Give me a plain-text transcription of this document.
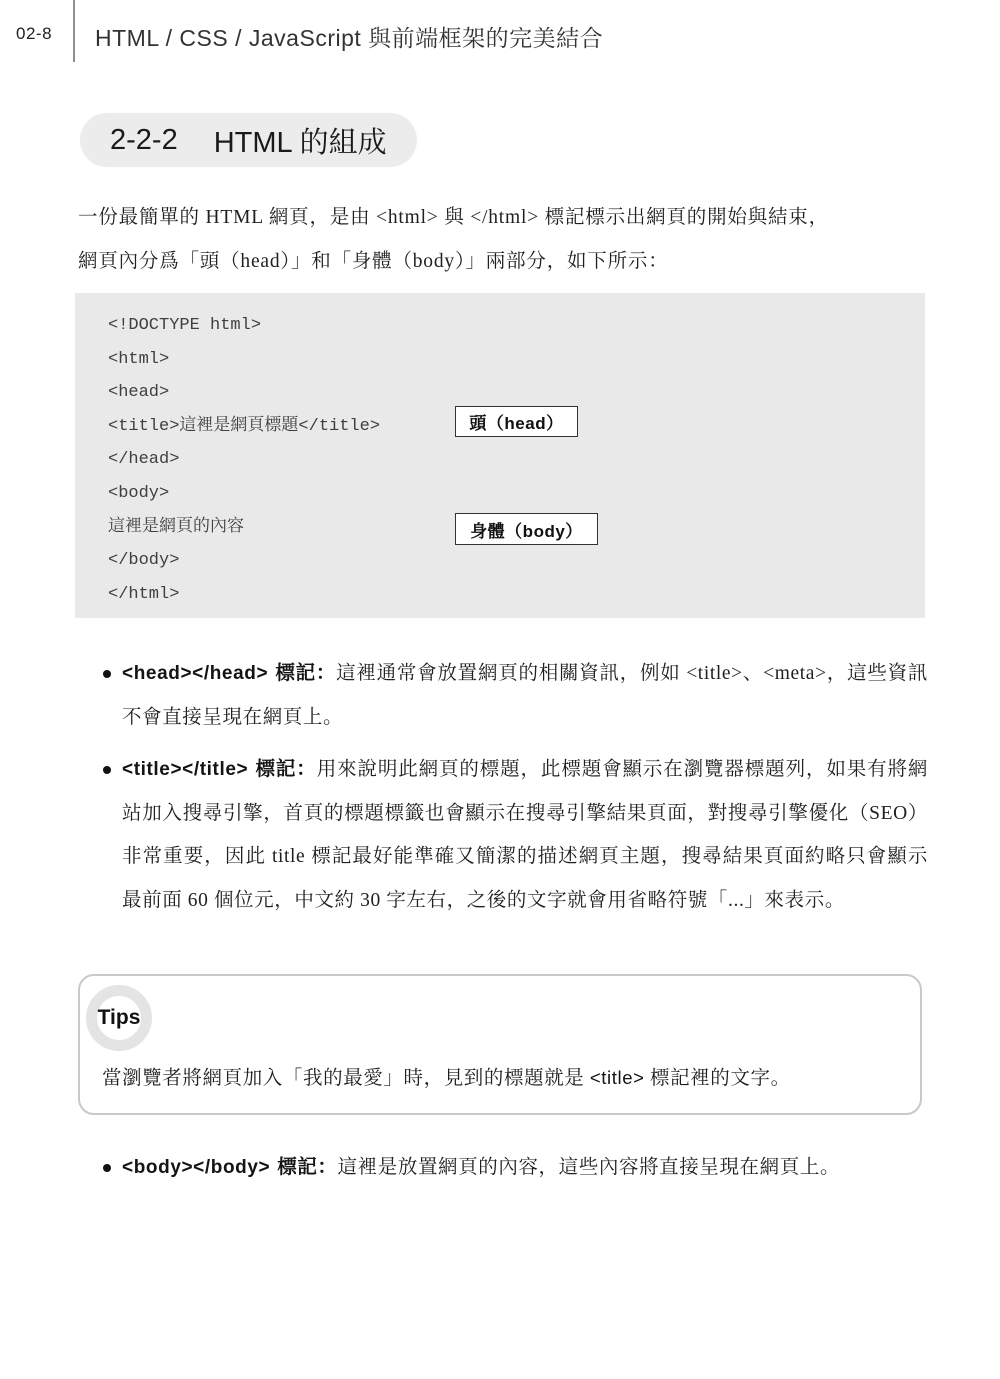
02-8 HTML / CSS / JavaScript 與前端框架的完美結合
2-2-2 HTML 的組成
一份最簡單的 HTML 網頁，是由 <html> 與 </html> 標記標示出網頁的開始與結束，
網頁內分爲「頭（head）」和「身體（body）」兩部分，如下所示：
<!DOCTYPE html>
<html>
<head>
<title>這裡是網頁標題</title>
</head>
<body>
這裡是網頁的內容
</body>
</html>
頭（head）
身體（body）
<head></head> 標記：這裡通常會放置網頁的相關資訊，例如 <title>、<meta>，這些資訊不會直接呈現在網頁上。
<title></title> 標記：用來說明此網頁的標題，此標題會顯示在瀏覽器標題列，如果有將網站加入搜尋引擎，首頁的標題標籤也會顯示在搜尋引擎結果頁面，對搜尋引擎優化（SEO）非常重要，因此 title 標記最好能準確又簡潔的描述網頁主題，搜尋結果頁面約略只會顯示最前面 60 個位元，中文約 30 字左右，之後的文字就會用省略符號「...」來表示。
Tips
當瀏覽者將網頁加入「我的最愛」時，見到的標題就是 <title> 標記裡的文字。
<body></body> 標記：這裡是放置網頁的內容，這些內容將直接呈現在網頁上。
